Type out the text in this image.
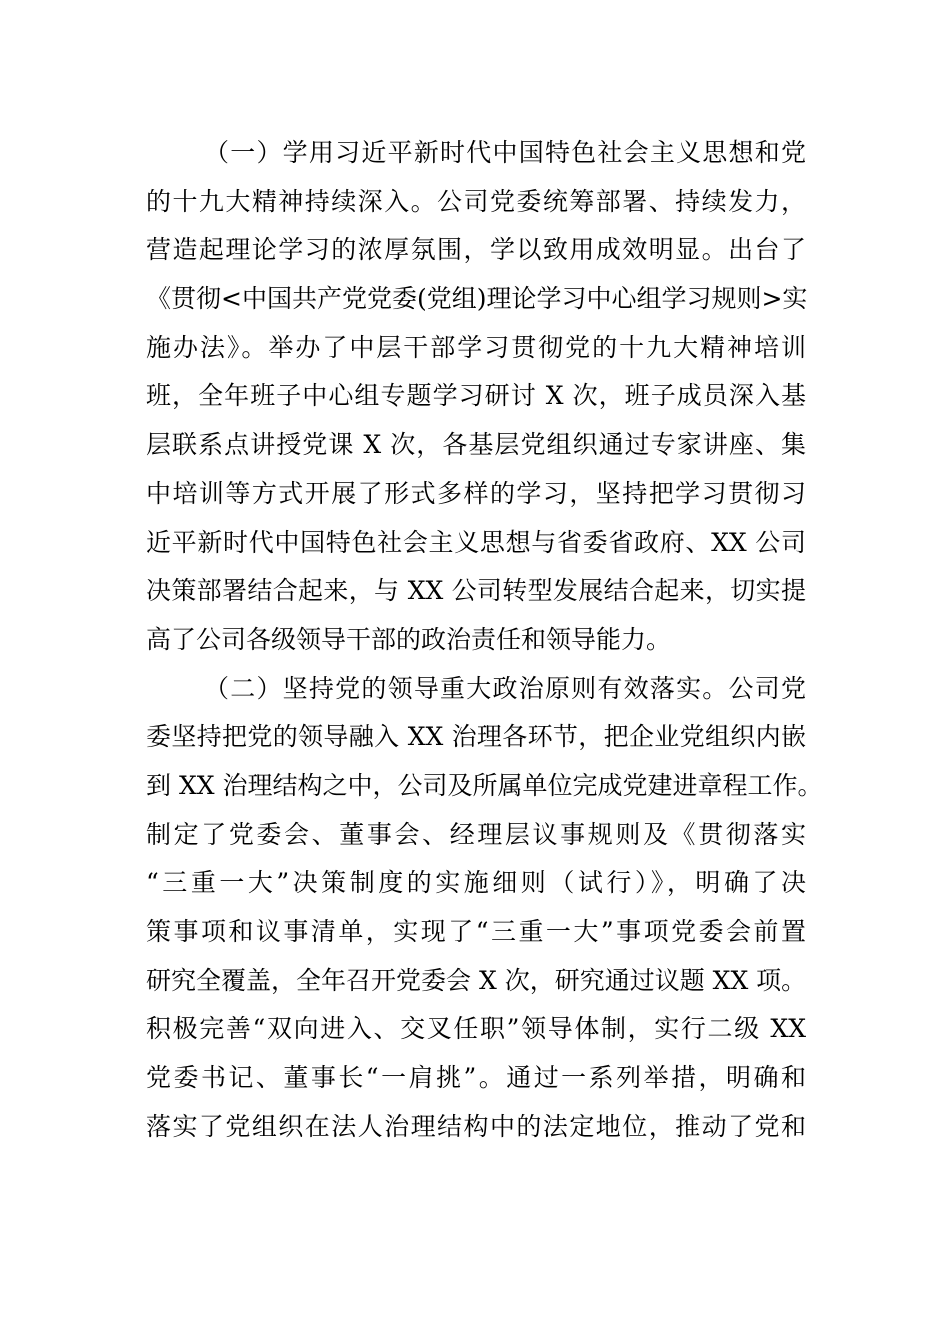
（一）学用习近平新时代中国特色社会主义思想和党
的十九大精神持续深入。公司党委统筹部署、持续发力，
营造起理论学习的浓厚氛围，学以致用成效明显。出台了
《贯彻<中国共产党党委(党组)理论学习中心组学习规则>实
施办法》。举办了中层干部学习贯彻党的十九大精神培训
班，全年班子中心组专题学习研讨 X 次，班子成员深入基
层联系点讲授党课 X 次，各基层党组织通过专家讲座、集
中培训等方式开展了形式多样的学习，坚持把学习贯彻习
近平新时代中国特色社会主义思想与省委省政府、XX 公司
决策部署结合起来，与 XX 公司转型发展结合起来，切实提
高了公司各级领导干部的政治责任和领导能力。
（二）坚持党的领导重大政治原则有效落实。公司党
委坚持把党的领导融入 XX 治理各环节，把企业党组织内嵌
到 XX 治理结构之中，公司及所属单位完成党建进章程工作。
制定了党委会、董事会、经理层议事规则及《贯彻落实
“三重一大”决策制度的实施细则（试行）》，明确了决
策事项和议事清单，实现了“三重一大”事项党委会前置
研究全覆盖，全年召开党委会 X 次，研究通过议题 XX 项。
积极完善“双向进入、交叉任职”领导体制，实行二级 XX
党委书记、董事长“一肩挑”。通过一系列举措，明确和
落实了党组织在法人治理结构中的法定地位，推动了党和
